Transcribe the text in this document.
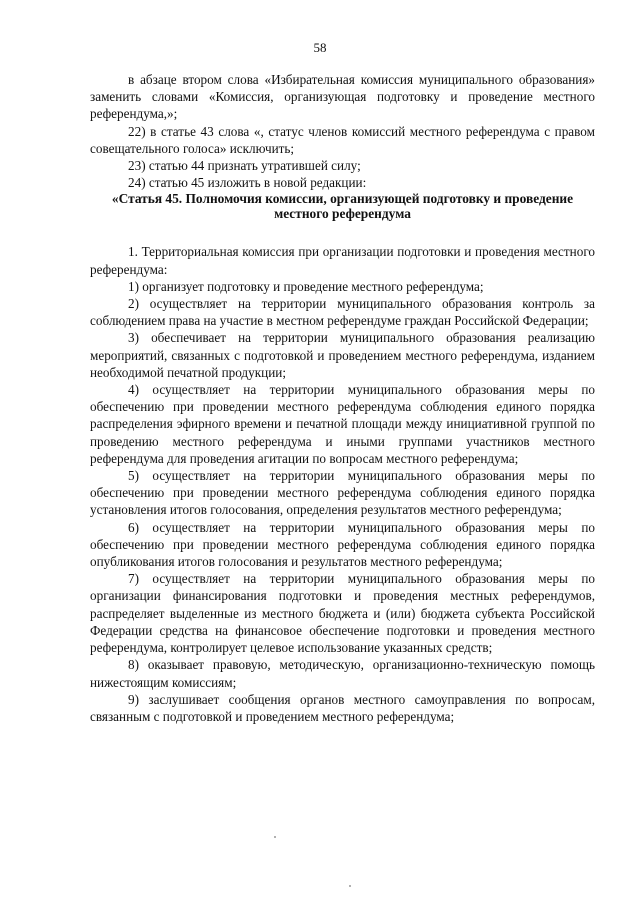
58

в абзаце втором слова «Избирательная комиссия муниципального образования» заменить словами «Комиссия, организующая подготовку и проведение местного референдума,»;

22) в статье 43 слова «, статус членов комиссий местного референдума с правом совещательного голоса» исключить;

23) статью 44 признать утратившей силу;

24) статью 45 изложить в новой редакции:

«Статья 45. Полномочия комиссии, организующей подготовку и проведение местного референдума

1. Территориальная комиссия при организации подготовки и проведения местного референдума:

1) организует подготовку и проведение местного референдума;

2) осуществляет на территории муниципального образования контроль за соблюдением права на участие в местном референдуме граждан Российской Федерации;

3) обеспечивает на территории муниципального образования реализацию мероприятий, связанных с подготовкой и проведением местного референдума, изданием необходимой печатной продукции;

4) осуществляет на территории муниципального образования меры по обеспечению при проведении местного референдума соблюдения единого порядка распределения эфирного времени и печатной площади между инициативной группой по проведению местного референдума и иными группами участников местного референдума для проведения агитации по вопросам местного референдума;

5) осуществляет на территории муниципального образования меры по обеспечению при проведении местного референдума соблюдения единого порядка установления итогов голосования, определения результатов местного референдума;

6) осуществляет на территории муниципального образования меры по обеспечению при проведении местного референдума соблюдения единого порядка опубликования итогов голосования и результатов местного референдума;

7) осуществляет на территории муниципального образования меры по организации финансирования подготовки и проведения местных референдумов, распределяет выделенные из местного бюджета и (или) бюджета субъекта Российской Федерации средства на финансовое обеспечение подготовки и проведения местного референдума, контролирует целевое использование указанных средств;

8) оказывает правовую, методическую, организационно-техническую помощь нижестоящим комиссиям;

9) заслушивает сообщения органов местного самоуправления по вопросам, связанным с подготовкой и проведением местного референдума;
